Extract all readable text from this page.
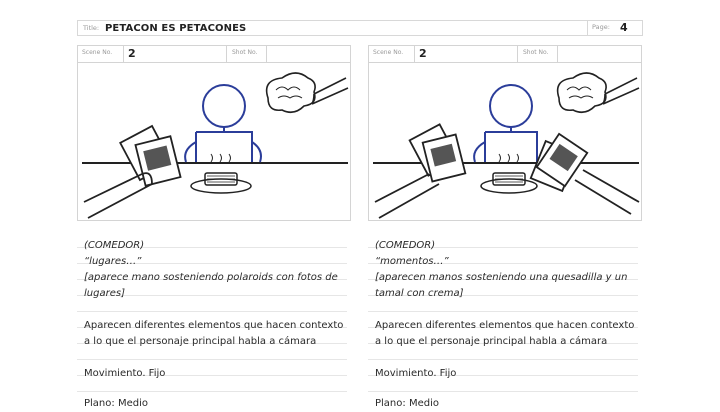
Title: PETACON ES PETACONES	Page: 4
Scene No. 2	Shot No.	Scene No. 2	Shot No.
(COMEDOR)
“lugares…”
[aparece mano sosteniendo polaroids con fotos de
lugares]
Aparecen diferentes elementos que hacen contexto
a lo que el personaje principal habla a cámara
Movimiento. Fijo
Plano: Medio
(COMEDOR)
“momentos…”
[aparecen manos sosteniendo una quesadilla y un
tamal con crema]
Aparecen diferentes elementos que hacen contexto
a lo que el personaje principal habla a cámara
Movimiento. Fijo
Plano: Medio
